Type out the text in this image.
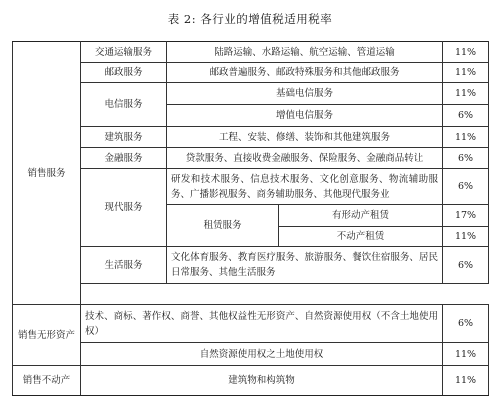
表 2: 各行业的增值税适用税率
销售服务	交通运输服务	陆路运输、水路运输、航空运输、管道运输		11%
	邮政服务	邮政普遍服务、邮政特殊服务和其他邮政服务		11%
	电信服务	基础电信服务		11%
		增值电信服务		6%
	建筑服务	工程、安装、修缮、装饰和其他建筑服务		11%
	金融服务	贷款服务、直接收费金融服务、保险服务、金融商品转让		6%
	现代服务	研发和技术服务、信息技术服务、文化创意服务、物流辅助服务、广播影视服务、商务辅助服务、其他现代服务业		6%
		租赁服务	有形动产租赁	17%
			不动产租赁	11%
	生活服务	文化体育服务、教育医疗服务、旅游服务、餐饮住宿服务、居民日常服务、其他生活服务		6%

销售无形资产	技术、商标、著作权、商誉、其他权益性无形资产、自然资源使用权（不含土地使用权）			6%
	自然资源使用权之土地使用权			11%
销售不动产	建筑物和构筑物			11%
